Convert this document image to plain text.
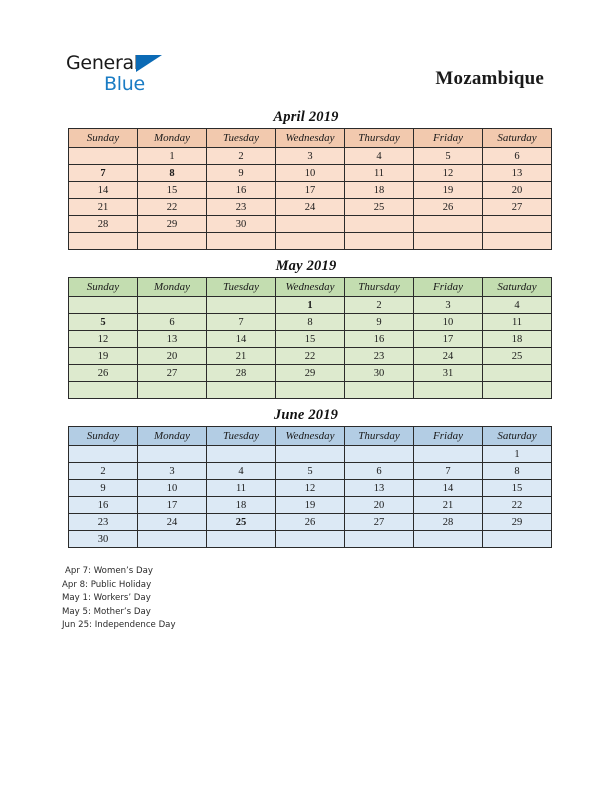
General
Blue	Mozambique
April 2019
Sunday	Monday	Tuesday	Wednesday	Thursday	Friday	Saturday
	1	2	3	4	5	6
7	8	9	10	11	12	13
14	15	16	17	18	19	20
21	22	23	24	25	26	27
28	29	30				

May 2019
Sunday	Monday	Tuesday	Wednesday	Thursday	Friday	Saturday
			1	2	3	4
5	6	7	8	9	10	11
12	13	14	15	16	17	18
19	20	21	22	23	24	25
26	27	28	29	30	31	

June 2019
Sunday	Monday	Tuesday	Wednesday	Thursday	Friday	Saturday
						1
2	3	4	5	6	7	8
9	10	11	12	13	14	15
16	17	18	19	20	21	22
23	24	25	26	27	28	29
30						
Apr 7: Women’s Day
Apr 8: Public Holiday
May 1: Workers’ Day
May 5: Mother’s Day
Jun 25: Independence Day
